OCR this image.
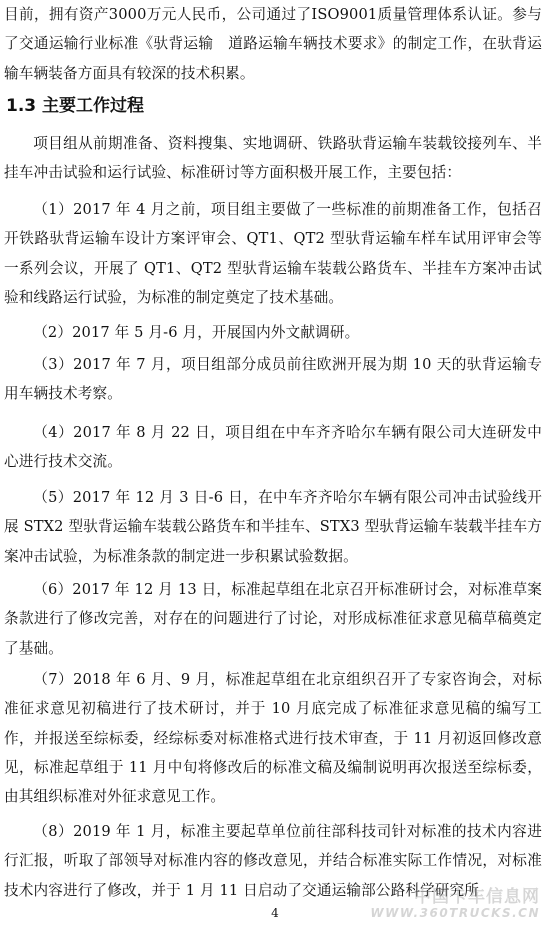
目前，拥有资产3000万元人民币，公司通过了ISO9001质量管理体系认证。参与了交通运输行业标准《驮背运输　道路运输车辆技术要求》的制定工作，在驮背运输车辆装备方面具有较深的技术积累。

1.3 主要工作过程

项目组从前期准备、资料搜集、实地调研、铁路驮背运输车装载铰接列车、半挂车冲击试验和运行试验、标准研讨等方面积极开展工作，主要包括：

（1）2017 年 4 月之前，项目组主要做了一些标准的前期准备工作，包括召开铁路驮背运输车设计方案评审会、QT1、QT2 型驮背运输车样车试用评审会等一系列会议，开展了 QT1、QT2 型驮背运输车装载公路货车、半挂车方案冲击试验和线路运行试验，为标准的制定奠定了技术基础。

（2）2017 年 5 月-6 月，开展国内外文献调研。

（3）2017 年 7 月，项目组部分成员前往欧洲开展为期 10 天的驮背运输专用车辆技术考察。

（4）2017 年 8 月 22 日，项目组在中车齐齐哈尔车辆有限公司大连研发中心进行技术交流。

（5）2017 年 12 月 3 日-6 日，在中车齐齐哈尔车辆有限公司冲击试验线开展 STX2 型驮背运输车装载公路货车和半挂车、STX3 型驮背运输车装载半挂车方案冲击试验，为标准条款的制定进一步积累试验数据。

（6）2017 年 12 月 13 日，标准起草组在北京召开标准研讨会，对标准草案条款进行了修改完善，对存在的问题进行了讨论，对形成标准征求意见稿草稿奠定了基础。

（7）2018 年 6 月、9 月，标准起草组在北京组织召开了专家咨询会，对标准征求意见初稿进行了技术研讨，并于 10 月底完成了标准征求意见稿的编写工作，并报送至综标委，经综标委对标准格式进行技术审查，于 11 月初返回修改意见，标准起草组于 11 月中旬将修改后的标准文稿及编制说明再次报送至综标委，由其组织标准对外征求意见工作。

（8）2019 年 1 月，标准主要起草单位前往部科技司针对标准的技术内容进行汇报，听取了部领导对标准内容的修改意见，并结合标准实际工作情况，对标准技术内容进行了修改，并于 1 月 11 日启动了交通运输部公路科学研究所

中国卡车信息网
WWW.360TRUCKS.CN
4
